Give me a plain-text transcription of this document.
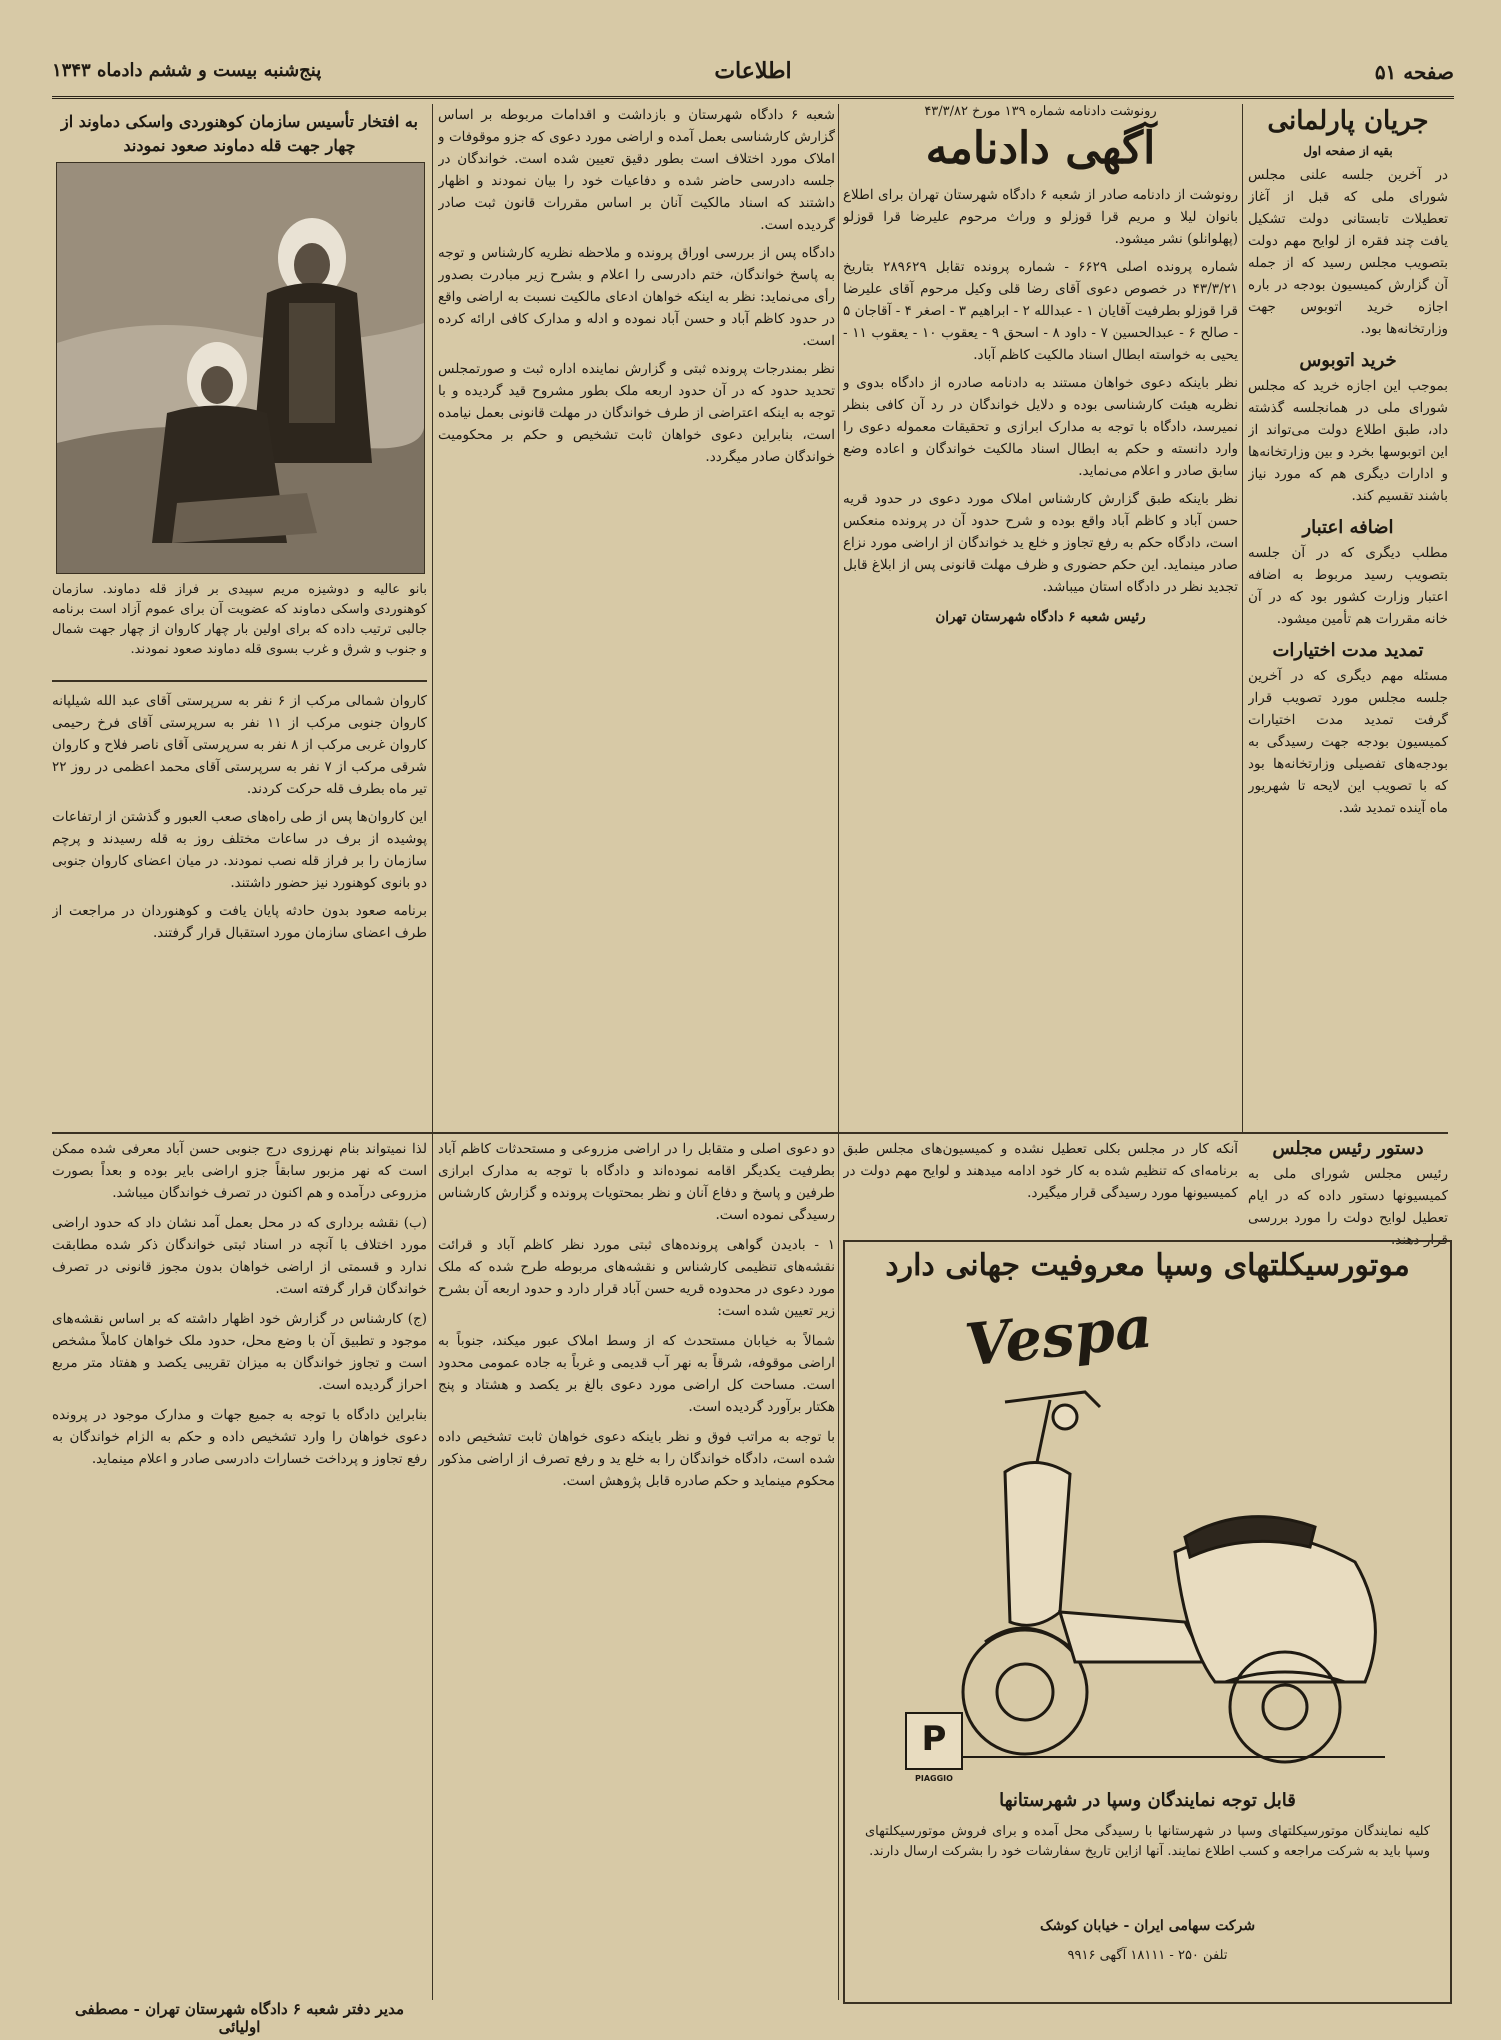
صفحه ۵۱
اطلاعات
پنج‌شنبه بیست و ششم دادماه ۱۳۴۳
جریان پارلمانی
بقیه از صفحه اول
در آخرین جلسه علنی مجلس شورای ملی که قبل از آغاز تعطیلات تابستانی دولت تشکیل یافت چند فقره از لوایح مهم دولت بتصویب مجلس رسید که از جمله آن گزارش کمیسیون بودجه در باره اجازه خرید اتوبوس جهت وزارتخانه‌ها بود.
خرید اتوبوس
بموجب این اجازه خرید که مجلس شورای ملی در همانجلسه گذشته داد، طبق اطلاع دولت می‌تواند از این اتوبوسها بخرد و بین وزارتخانه‌ها و ادارات دیگری هم که مورد نیاز باشند تقسیم کند.
اضافه اعتبار
مطلب دیگری که در آن جلسه بتصویب رسید مربوط به اضافه اعتبار وزارت کشور بود که در آن خانه مقررات هم تأمین میشود.
تمدید مدت اختیارات
مسئله مهم دیگری که در آخرین جلسه مجلس مورد تصویب قرار گرفت تمدید مدت اختیارات کمیسیون بودجه جهت رسیدگی به بودجه‌های تفصیلی وزارتخانه‌ها بود که با تصویب این لایحه تا شهریور ماه آینده تمدید شد.
رونوشت دادنامه شماره ۱۳۹ مورخ ۴۳/۳/۸۲
آگهی دادنامه
رونوشت از دادنامه صادر از شعبه ۶ دادگاه شهرستان تهران برای اطلاع بانوان لیلا و مریم قرا قوزلو و وراث مرحوم علیرضا قرا قوزلو (پهلوانلو) نشر میشود.
شماره پرونده اصلی ۶۶۲۹ - شماره پرونده تقابل ۲۸۹۶۲۹ بتاریخ ۴۳/۳/۲۱ در خصوص دعوی آقای رضا قلی وکیل مرحوم آقای علیرضا قرا قوزلو بطرفیت آقایان ۱ - عبدالله ۲ - ابراهیم ۳ - اصغر ۴ - آقاجان ۵ - صالح ۶ - عبدالحسین ۷ - داود ۸ - اسحق ۹ - یعقوب ۱۰ - یعقوب ۱۱ - یحیی به خواسته ابطال اسناد مالکیت کاظم آباد.
نظر باینکه دعوی خواهان مستند به دادنامه صادره از دادگاه بدوی و نظریه هیئت کارشناسی بوده و دلایل خواندگان در رد آن کافی بنظر نمیرسد، دادگاه با توجه به مدارک ابرازی و تحقیقات معموله دعوی را وارد دانسته و حکم به ابطال اسناد مالکیت خواندگان و اعاده وضع سابق صادر و اعلام می‌نماید.
نظر باینکه طبق گزارش کارشناس املاک مورد دعوی در حدود قریه حسن آباد و کاظم آباد واقع بوده و شرح حدود آن در پرونده منعکس است، دادگاه حکم به رفع تجاوز و خلع ید خواندگان از اراضی مورد نزاع صادر مینماید. این حکم حضوری و ظرف مهلت قانونی پس از ابلاغ قابل تجدید نظر در دادگاه استان میباشد.
رئیس شعبه ۶ دادگاه شهرستان تهران
شعبه ۶ دادگاه شهرستان و بازداشت و اقدامات مربوطه بر اساس گزارش کارشناسی بعمل آمده و اراضی مورد دعوی که جزو موقوفات و املاک مورد اختلاف است بطور دقیق تعیین شده است. خواندگان در جلسه دادرسی حاضر شده و دفاعیات خود را بیان نمودند و اظهار داشتند که اسناد مالکیت آنان بر اساس مقررات قانون ثبت صادر گردیده است.
دادگاه پس از بررسی اوراق پرونده و ملاحظه نظریه کارشناس و توجه به پاسخ خواندگان، ختم دادرسی را اعلام و بشرح زیر مبادرت بصدور رأی می‌نماید: نظر به اینکه خواهان ادعای مالکیت نسبت به اراضی واقع در حدود کاظم آباد و حسن آباد نموده و ادله و مدارک کافی ارائه کرده است.
نظر بمندرجات پرونده ثبتی و گزارش نماینده اداره ثبت و صورتمجلس تحدید حدود که در آن حدود اربعه ملک بطور مشروح قید گردیده و با توجه به اینکه اعتراضی از طرف خواندگان در مهلت قانونی بعمل نیامده است، بنابراین دعوی خواهان ثابت تشخیص و حکم بر محکومیت خواندگان صادر میگردد.
به افتخار تأسیس سازمان کوهنوردی واسکی دماوند از چهار جهت قله دماوند صعود نمودند
بانو عالیه و دوشیزه مریم سپیدی بر فراز قله دماوند. سازمان کوهنوردی واسکی دماوند که عضویت آن برای عموم آزاد است برنامه جالبی ترتیب داده که برای اولین بار چهار کاروان از چهار جهت شمال و جنوب و شرق و غرب بسوی قله دماوند صعود نمودند.
کاروان شمالی مرکب از ۶ نفر به سرپرستی آقای عبد الله شیلپانه کاروان جنوبی مرکب از ۱۱ نفر به سرپرستی آقای فرخ رحیمی کاروان غربی مرکب از ۸ نفر به سرپرستی آقای ناصر فلاح و کاروان شرقی مرکب از ۷ نفر به سرپرستی آقای محمد اعظمی در روز ۲۲ تیر ماه بطرف قله حرکت کردند.
این کاروان‌ها پس از طی راه‌های صعب العبور و گذشتن از ارتفاعات پوشیده از برف در ساعات مختلف روز به قله رسیدند و پرچم سازمان را بر فراز قله نصب نمودند. در میان اعضای کاروان جنوبی دو بانوی کوهنورد نیز حضور داشتند.
برنامه صعود بدون حادثه پایان یافت و کوهنوردان در مراجعت از طرف اعضای سازمان مورد استقبال قرار گرفتند.
آنکه کار در مجلس بکلی تعطیل نشده و کمیسیون‌های مجلس طبق برنامه‌ای که تنظیم شده به کار خود ادامه میدهند و لوایح مهم دولت در کمیسیونها مورد رسیدگی قرار میگیرد.
دستور رئیس مجلس
رئیس مجلس شورای ملی به کمیسیونها دستور داده که در ایام تعطیل لوایح دولت را مورد بررسی قرار دهند.
دو دعوی اصلی و متقابل را در اراضی مزروعی و مستحدثات کاظم آباد بطرفیت یکدیگر اقامه نموده‌اند و دادگاه با توجه به مدارک ابرازی طرفین و پاسخ و دفاع آنان و نظر بمحتویات پرونده و گزارش کارشناس رسیدگی نموده است.
۱ - بادیدن گواهی پرونده‌های ثبتی مورد نظر کاظم آباد و قرائت نقشه‌های تنظیمی کارشناس و نقشه‌های مربوطه طرح شده که ملک مورد دعوی در محدوده قریه حسن آباد قرار دارد و حدود اربعه آن بشرح زیر تعیین شده است:
شمالاً به خیابان مستحدث که از وسط املاک عبور میکند، جنوباً به اراضی موقوفه، شرقاً به نهر آب قدیمی و غرباً به جاده عمومی محدود است. مساحت کل اراضی مورد دعوی بالغ بر یکصد و هشتاد و پنج هکتار برآورد گردیده است.
با توجه به مراتب فوق و نظر باینکه دعوی خواهان ثابت تشخیص داده شده است، دادگاه خواندگان را به خلع ید و رفع تصرف از اراضی مذکور محکوم مینماید و حکم صادره قابل پژوهش است.
لذا نمیتواند بنام نهرزوی درج جنوبی حسن آباد معرفی شده ممکن است که نهر مزبور سابقاً جزو اراضی بایر بوده و بعداً بصورت مزروعی درآمده و هم اکنون در تصرف خواندگان میباشد.
(ب) نقشه برداری که در محل بعمل آمد نشان داد که حدود اراضی مورد اختلاف با آنچه در اسناد ثبتی خواندگان ذکر شده مطابقت ندارد و قسمتی از اراضی خواهان بدون مجوز قانونی در تصرف خواندگان قرار گرفته است.
(ج) کارشناس در گزارش خود اظهار داشته که بر اساس نقشه‌های موجود و تطبیق آن با وضع محل، حدود ملک خواهان کاملاً مشخص است و تجاوز خواندگان به میزان تقریبی یکصد و هفتاد متر مربع احراز گردیده است.
بنابراین دادگاه با توجه به جمیع جهات و مدارک موجود در پرونده دعوی خواهان را وارد تشخیص داده و حکم به الزام خواندگان به رفع تجاوز و پرداخت خسارات دادرسی صادر و اعلام مینماید.
مدیر دفتر شعبه ۶ دادگاه شهرستان تهران - مصطفی اولیائی
موتورسیکلتهای وسپا معروفیت جهانی دارد
Vespa
P
PIAGGIO
قابل توجه نمایندگان وسپا در شهرستانها
کلیه نمایندگان موتورسیکلتهای وسپا در شهرستانها با رسیدگی محل آمده و برای فروش موتورسیکلتهای وسپا باید به شرکت مراجعه و کسب اطلاع نمایند. آنها ازاین تاریخ سفارشات خود را بشرکت ارسال دارند.
شرکت سهامی ایران - خیابان کوشک
تلفن ۲۵۰ - ۱۸۱۱۱ آگهی ۹۹۱۶
